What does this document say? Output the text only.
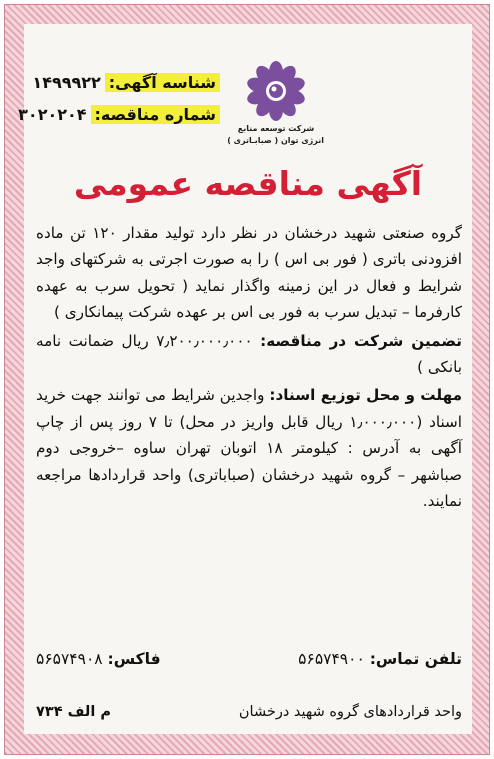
شناسه آگهی:
۱۴۹۹۹۲۲
شماره مناقصه:
۳۰۲۰۲۰۴
شرکت توسعه منابع
انرژی توان ( صبابـاتری )
آگهی مناقصه عمومی

گروه صنعتی شهید درخشان در نظر دارد تولید مقدار ۱۲۰ تن ماده افزودنی باتری ( فور بی اس ) را به صورت اجرتی به شرکتهای واجد شرایط و فعال در این زمینه واگذار نماید ( تحویل سرب به عهده کارفرما – تبدیل سرب به فور بی اس بر عهده شرکت پیمانکاری )

تضمین شرکت در مناقصه: ۷٫۲۰۰٫۰۰۰٫۰۰۰ ریال ضمانت نامه بانکی )

مهلت و محل توزیع اسناد: واجدین شرایط می توانند جهت خرید اسناد (۱٫۰۰۰٫۰۰۰ ریال قابل واریز در محل) تا ۷ روز پس از چاپ آگهی به آدرس : کیلومتر ۱۸ اتوبان تهران ساوه –خروجی دوم صباشهر – گروه شهید درخشان (صباباتری) واحد قراردادها مراجعه نمایند.

تلفن تماس: ۵۶۵۷۴۹۰۰
فاکس: ۵۶۵۷۴۹۰۸
واحد قراردادهای گروه شهید درخشان
م الف ۷۳۴
